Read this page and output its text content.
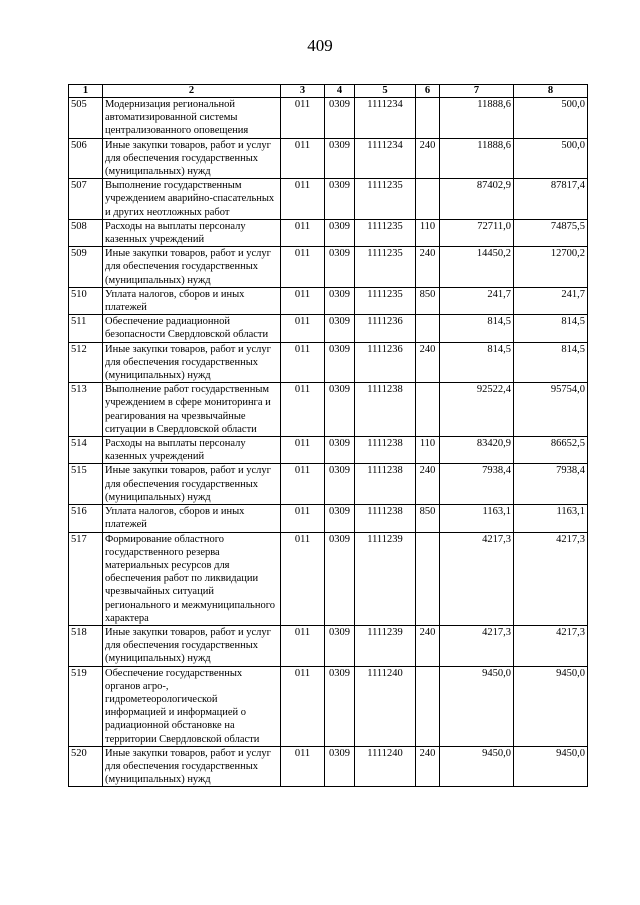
409
1	2	3	4	5	6	7	8
505	Модернизация региональной автоматизированной системы централизованного оповещения	011	0309	1111234		11888,6	500,0
506	Иные закупки товаров, работ и услуг для обеспечения государственных (муниципальных) нужд	011	0309	1111234	240	11888,6	500,0
507	Выполнение государственным учреждением аварийно-спасательных и других неотложных работ	011	0309	1111235		87402,9	87817,4
508	Расходы на выплаты персоналу казенных учреждений	011	0309	1111235	110	72711,0	74875,5
509	Иные закупки товаров, работ и услуг для обеспечения государственных (муниципальных) нужд	011	0309	1111235	240	14450,2	12700,2
510	Уплата налогов, сборов и иных платежей	011	0309	1111235	850	241,7	241,7
511	Обеспечение радиационной безопасности Свердловской области	011	0309	1111236		814,5	814,5
512	Иные закупки товаров, работ и услуг для обеспечения государственных (муниципальных) нужд	011	0309	1111236	240	814,5	814,5
513	Выполнение работ государственным учреждением в сфере мониторинга и реагирования на чрезвычайные ситуации в Свердловской области	011	0309	1111238		92522,4	95754,0
514	Расходы на выплаты персоналу казенных учреждений	011	0309	1111238	110	83420,9	86652,5
515	Иные закупки товаров, работ и услуг для обеспечения государственных (муниципальных) нужд	011	0309	1111238	240	7938,4	7938,4
516	Уплата налогов, сборов и иных платежей	011	0309	1111238	850	1163,1	1163,1
517	Формирование областного государственного резерва материальных ресурсов для обеспечения работ по ликвидации чрезвычайных ситуаций регионального и межмуниципального характера	011	0309	1111239		4217,3	4217,3
518	Иные закупки товаров, работ и услуг для обеспечения государственных (муниципальных) нужд	011	0309	1111239	240	4217,3	4217,3
519	Обеспечение государственных органов агро-, гидрометеорологической информацией и информацией о радиационной обстановке на территории Свердловской области	011	0309	1111240		9450,0	9450,0
520	Иные закупки товаров, работ и услуг для обеспечения государственных (муниципальных) нужд	011	0309	1111240	240	9450,0	9450,0
